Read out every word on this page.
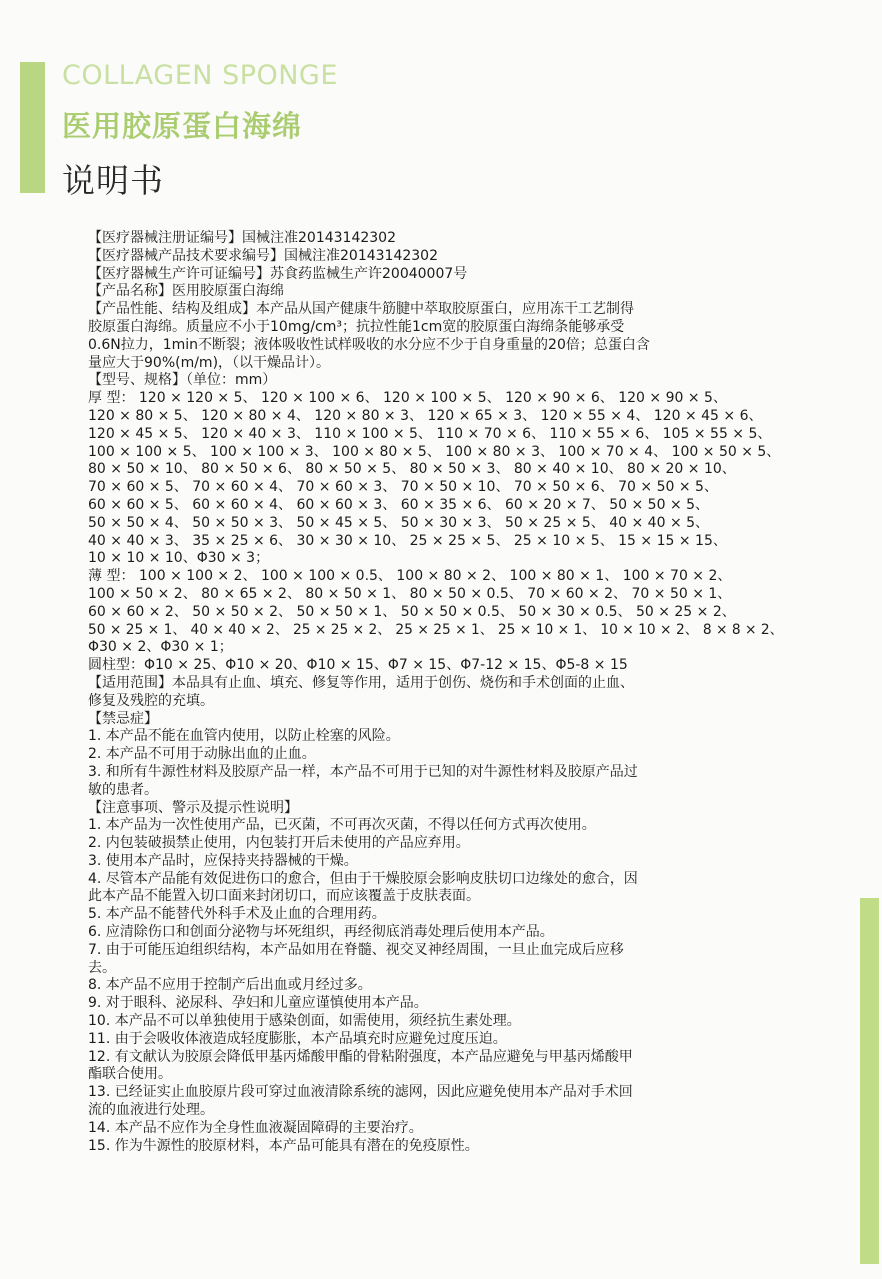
COLLAGEN SPONGE
医用胶原蛋白海绵
说明书
【医疗器械注册证编号】国械注准20143142302
【医疗器械产品技术要求编号】国械注准20143142302
【医疗器械生产许可证编号】苏食药监械生产许20040007号
【产品名称】医用胶原蛋白海绵
【产品性能、结构及组成】本产品从国产健康牛筋腱中萃取胶原蛋白，应用冻干工艺制得
胶原蛋白海绵。质量应不小于10mg/cm³；抗拉性能1cm宽的胶原蛋白海绵条能够承受
0.6N拉力，1min不断裂；液体吸收性试样吸收的水分应不少于自身重量的20倍；总蛋白含
量应大于90%(m/m)，（以干燥品计）。
【型号、规格】（单位：mm）
厚 型： 120 × 120 × 5、 120 × 100 × 6、 120 × 100 × 5、 120 × 90 × 6、 120 × 90 × 5、
120 × 80 × 5、 120 × 80 × 4、 120 × 80 × 3、 120 × 65 × 3、 120 × 55 × 4、 120 × 45 × 6、
120 × 45 × 5、 120 × 40 × 3、 110 × 100 × 5、 110 × 70 × 6、 110 × 55 × 6、 105 × 55 × 5、
100 × 100 × 5、 100 × 100 × 3、 100 × 80 × 5、 100 × 80 × 3、 100 × 70 × 4、 100 × 50 × 5、
80 × 50 × 10、 80 × 50 × 6、 80 × 50 × 5、 80 × 50 × 3、 80 × 40 × 10、 80 × 20 × 10、
70 × 60 × 5、 70 × 60 × 4、 70 × 60 × 3、 70 × 50 × 10、 70 × 50 × 6、 70 × 50 × 5、
60 × 60 × 5、 60 × 60 × 4、 60 × 60 × 3、 60 × 35 × 6、 60 × 20 × 7、 50 × 50 × 5、
50 × 50 × 4、 50 × 50 × 3、 50 × 45 × 5、 50 × 30 × 3、 50 × 25 × 5、 40 × 40 × 5、
40 × 40 × 3、 35 × 25 × 6、 30 × 30 × 10、 25 × 25 × 5、 25 × 10 × 5、 15 × 15 × 15、
10 × 10 × 10、Φ30 × 3；
薄 型： 100 × 100 × 2、 100 × 100 × 0.5、 100 × 80 × 2、 100 × 80 × 1、 100 × 70 × 2、
100 × 50 × 2、 80 × 65 × 2、 80 × 50 × 1、 80 × 50 × 0.5、 70 × 60 × 2、 70 × 50 × 1、
60 × 60 × 2、 50 × 50 × 2、 50 × 50 × 1、 50 × 50 × 0.5、 50 × 30 × 0.5、 50 × 25 × 2、
50 × 25 × 1、 40 × 40 × 2、 25 × 25 × 2、 25 × 25 × 1、 25 × 10 × 1、 10 × 10 × 2、 8 × 8 × 2、
Φ30 × 2、Φ30 × 1；
圆柱型：Φ10 × 25、Φ10 × 20、Φ10 × 15、Φ7 × 15、Φ7-12 × 15、Φ5-8 × 15
【适用范围】本品具有止血、填充、修复等作用，适用于创伤、烧伤和手术创面的止血、
修复及残腔的充填。
【禁忌症】
1. 本产品不能在血管内使用，以防止栓塞的风险。
2. 本产品不可用于动脉出血的止血。
3. 和所有牛源性材料及胶原产品一样，本产品不可用于已知的对牛源性材料及胶原产品过
敏的患者。
【注意事项、警示及提示性说明】
1. 本产品为一次性使用产品，已灭菌，不可再次灭菌，不得以任何方式再次使用。
2. 内包装破损禁止使用，内包装打开后未使用的产品应弃用。
3. 使用本产品时，应保持夹持器械的干燥。
4. 尽管本产品能有效促进伤口的愈合，但由于干燥胶原会影响皮肤切口边缘处的愈合，因
此本产品不能置入切口面来封闭切口，而应该覆盖于皮肤表面。
5. 本产品不能替代外科手术及止血的合理用药。
6. 应清除伤口和创面分泌物与坏死组织，再经彻底消毒处理后使用本产品。
7. 由于可能压迫组织结构，本产品如用在脊髓、视交叉神经周围，一旦止血完成后应移
去。
8. 本产品不应用于控制产后出血或月经过多。
9. 对于眼科、泌尿科、孕妇和儿童应谨慎使用本产品。
10. 本产品不可以单独使用于感染创面，如需使用，须经抗生素处理。
11. 由于会吸收体液造成轻度膨胀，本产品填充时应避免过度压迫。
12. 有文献认为胶原会降低甲基丙烯酸甲酯的骨粘附强度，本产品应避免与甲基丙烯酸甲
酯联合使用。
13. 已经证实止血胶原片段可穿过血液清除系统的滤网，因此应避免使用本产品对手术回
流的血液进行处理。
14. 本产品不应作为全身性血液凝固障碍的主要治疗。
15. 作为牛源性的胶原材料，本产品可能具有潜在的免疫原性。
